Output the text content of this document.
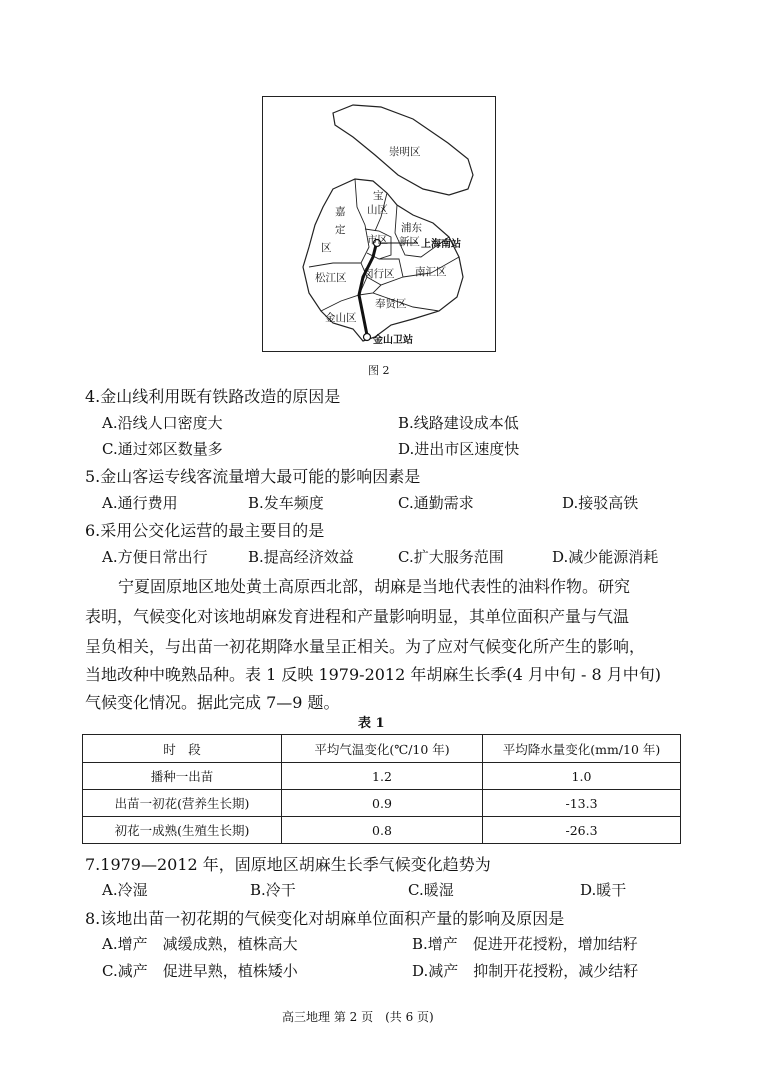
崇明区
宝
山区
嘉
定
区
浦东
新区
市区	上海南站
松江区 闵行区 南汇区
奉贤区
金山区
金山卫站
图 2
4.金山线利用既有铁路改造的原因是
A.沿线人口密度大	B.线路建设成本低
C.通过郊区数量多	D.进出市区速度快
5.金山客运专线客流量增大最可能的影响因素是
A.通行费用	B.发车频度	C.通勤需求	D.接驳高铁
6.采用公交化运营的最主要目的是
A.方便日常出行	B.提高经济效益	C.扩大服务范围	D.减少能源消耗
宁夏固原地区地处黄土高原西北部，胡麻是当地代表性的油料作物。研究
表明，气候变化对该地胡麻发育进程和产量影响明显，其单位面积产量与气温
呈负相关，与出苗一初花期降水量呈正相关。为了应对气候变化所产生的影响，
当地改种中晚熟品种。表 1 反映 1979-2012 年胡麻生长季(4 月中旬 - 8 月中旬)
气候变化情况。据此完成 7—9 题。
表 1
时　段	平均气温变化(℃/10 年)	平均降水量变化(mm/10 年)
播种一出苗	1.2	1.0
出苗一初花(营养生长期)	0.9	-13.3
初花一成熟(生殖生长期)	0.8	-26.3
7.1979—2012 年，固原地区胡麻生长季气候变化趋势为
A.冷湿	B.冷干	C.暖湿	D.暖干
8.该地出苗一初花期的气候变化对胡麻单位面积产量的影响及原因是
A.增产　减缓成熟，植株高大	B.增产　促进开花授粉，增加结籽
C.减产　促进早熟，植株矮小	D.减产　抑制开花授粉，减少结籽
高三地理 第 2 页　(共 6 页)
